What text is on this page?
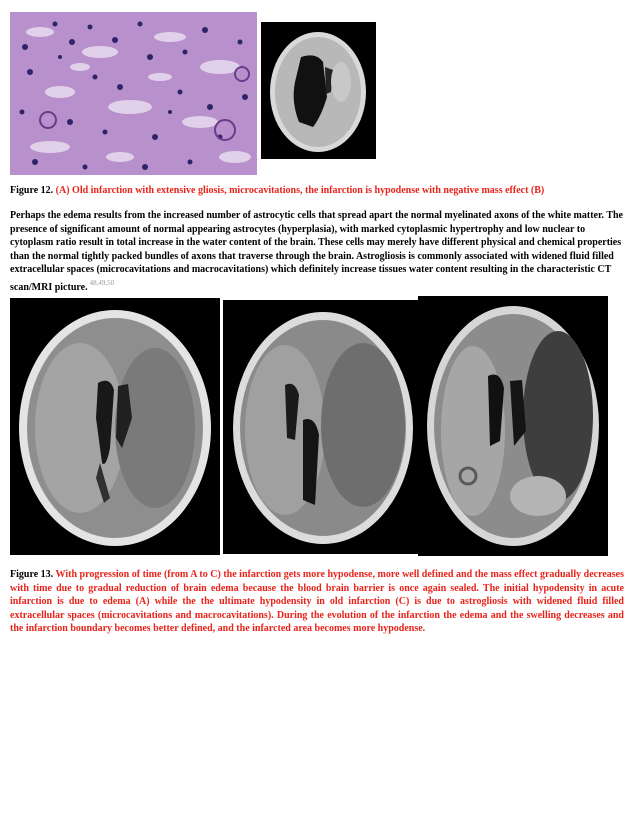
Figure 12. (A) Old infarction with extensive gliosis, microcavitations, the infarction is hypodense with negative mass effect (B)

Perhaps the edema results from the increased number of astrocytic cells that spread apart the normal myelinated axons of the white matter. The presence of significant amount of normal appearing astrocytes (hyperplasia), with marked cytoplasmic hypertrophy and low nuclear to cytoplasm ratio result in total increase in the water content of the brain. These cells may merely have different physical and chemical properties than the normal tightly packed bundles of axons that traverse through the brain. Astrogliosis is commonly associated with widened fluid filled extracellular spaces (microcavitations and macrocavitations) which definitely increase tissues water content resulting in the characteristic CT scan/MRI picture. $^{48,49,50}$

Figure 13. With progression of time (from A to C) the infarction gets more hypodense, more well defined and the mass effect gradually decreases with time due to gradual reduction of brain edema because the blood brain barrier is once again sealed. The initial hypodensity in acute infarction is due to edema (A) while the the ultimate hypodensity in old infarction (C) is due to astrogliosis with widened fluid filled extracellular spaces (microcavitations and macrocavitations). During the evolution of the infarction the edema and the swelling decreases and the infarction boundary becomes better defined, and the infarcted area becomes more hypodense.
